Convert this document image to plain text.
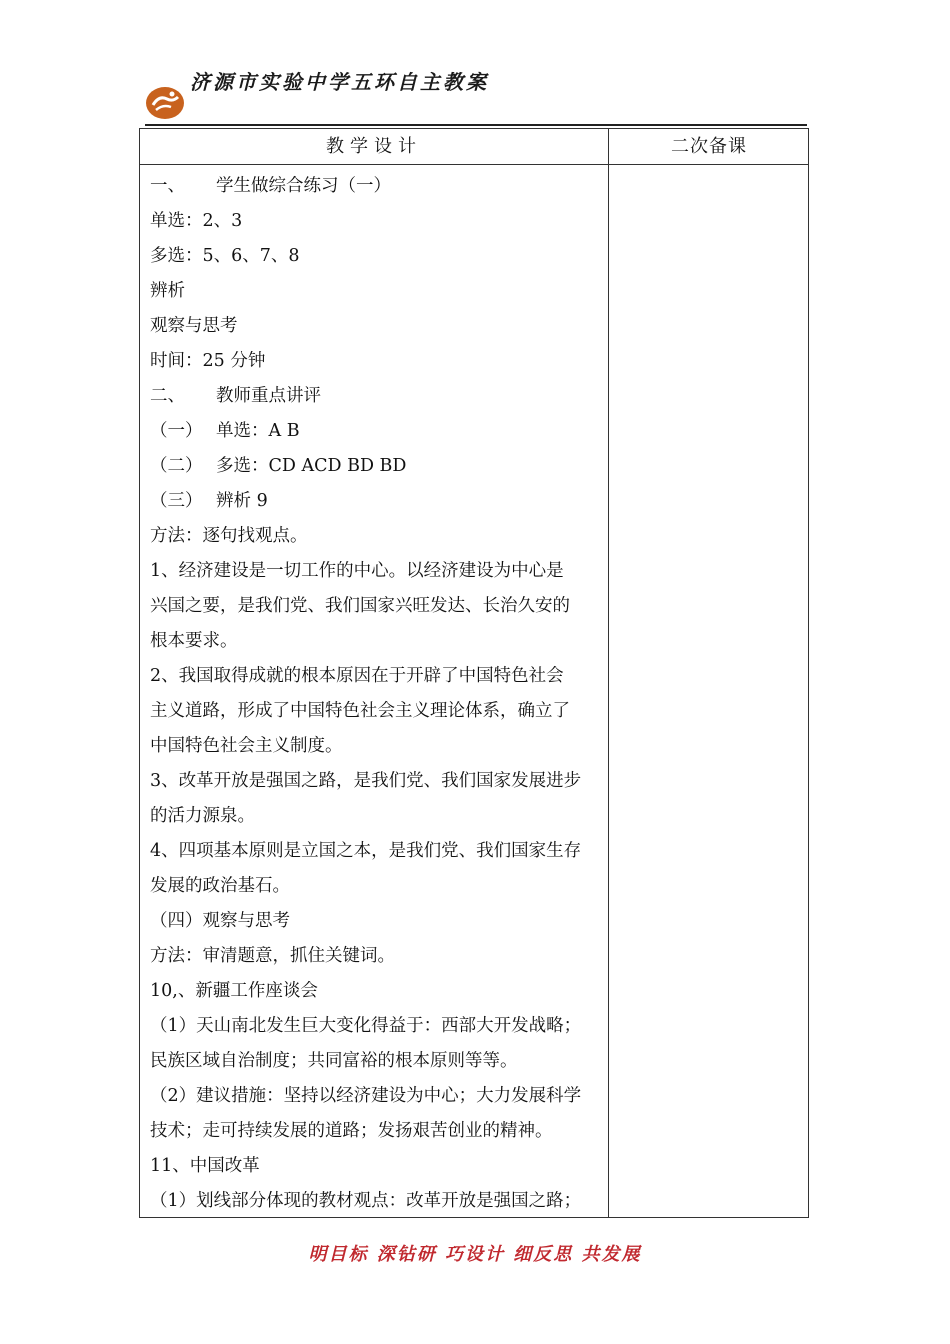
济源市实验中学五环自主教案
教学设计	二次备课
一、 学生做综合练习（一）
单选：2、3
多选：5、6、7、8
辨析
观察与思考
时间：25 分钟
二、 教师重点讲评
（一） 单选：A B
（二） 多选：CD ACD BD BD
（三） 辨析 9
方法：逐句找观点。
1、经济建设是一切工作的中心。以经济建设为中心是
兴国之要，是我们党、我们国家兴旺发达、长治久安的
根本要求。
2、我国取得成就的根本原因在于开辟了中国特色社会
主义道路，形成了中国特色社会主义理论体系，确立了
中国特色社会主义制度。
3、改革开放是强国之路，是我们党、我们国家发展进步
的活力源泉。
4、四项基本原则是立国之本，是我们党、我们国家生存
发展的政治基石。
（四）观察与思考
方法：审清题意，抓住关键词。
10,、新疆工作座谈会
（1）天山南北发生巨大变化得益于：西部大开发战略；
民族区域自治制度；共同富裕的根本原则等等。
（2）建议措施：坚持以经济建设为中心；大力发展科学
技术；走可持续发展的道路；发扬艰苦创业的精神。
11、中国改革
（1）划线部分体现的教材观点：改革开放是强国之路；
明目标 深钻研 巧设计 细反思 共发展
